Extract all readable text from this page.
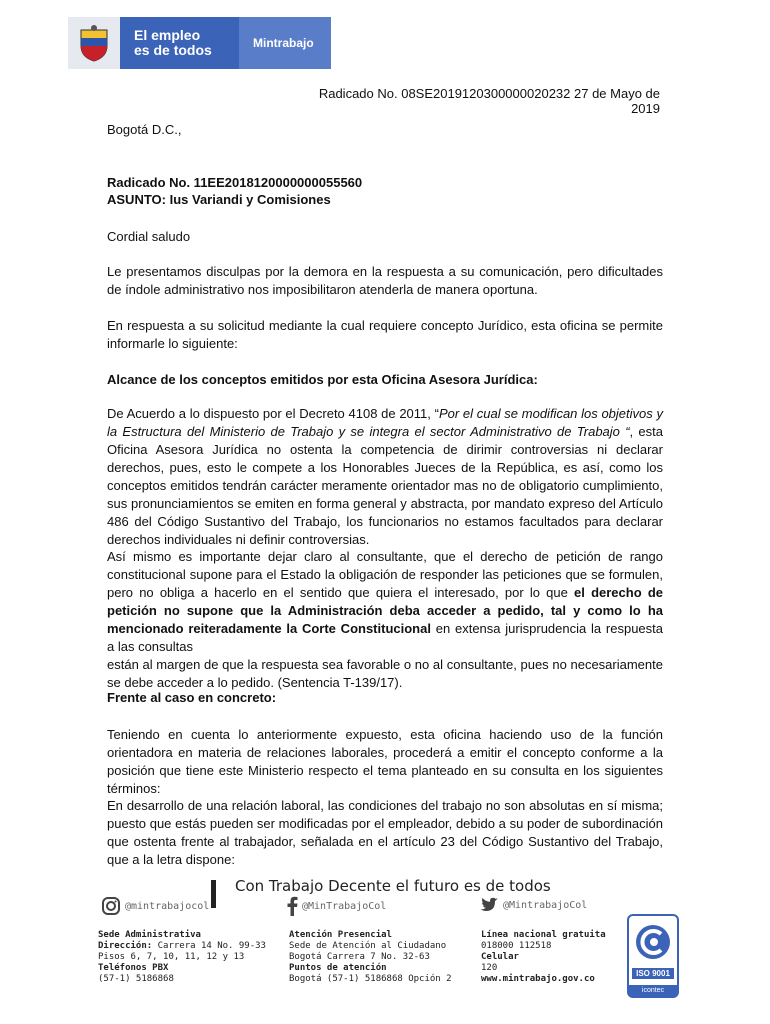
El empleo
es de todos	Mintrabajo
Radicado No. 08SE2019120300000020232 27 de Mayo de 2019
Bogotá D.C.,
Radicado No. 11EE2018120000000055560
ASUNTO: Ius Variandi y Comisiones
Cordial saludo
Le presentamos disculpas por la demora en la respuesta a su comunicación, pero dificultades de índole administrativo nos imposibilitaron atenderla de manera oportuna.
En respuesta a su solicitud mediante la cual requiere concepto Jurídico, esta oficina se permite informarle lo siguiente:
Alcance de los conceptos emitidos por esta Oficina Asesora Jurídica:
De Acuerdo a lo dispuesto por el Decreto 4108 de 2011, “Por el cual se modifican los objetivos y la Estructura del Ministerio de Trabajo y se integra el sector Administrativo de Trabajo “, esta Oficina Asesora Jurídica no ostenta la competencia de dirimir controversias ni declarar derechos, pues, esto le compete a los Honorables Jueces de la República, es así, como los conceptos emitidos tendrán carácter meramente orientador mas no de obligatorio cumplimiento, sus pronunciamientos se emiten en forma general y abstracta, por mandato expreso del Artículo 486 del Código Sustantivo del Trabajo, los funcionarios no estamos facultados para declarar derechos individuales ni definir controversias.
Así mismo es importante dejar claro al consultante, que el derecho de petición de rango constitucional supone para el Estado la obligación de responder las peticiones que se formulen, pero no obliga a hacerlo en el sentido que quiera el interesado, por lo que el derecho de petición no supone que la Administración deba acceder a pedido, tal y como lo ha mencionado reiteradamente la Corte Constitucional en extensa jurisprudencia la respuesta a las consultas
están al margen de que la respuesta sea favorable o no al consultante, pues no necesariamente se debe acceder a lo pedido. (Sentencia T-139/17).
Frente al caso en concreto:
Teniendo en cuenta lo anteriormente expuesto, esta oficina haciendo uso de la función orientadora en materia de relaciones laborales, procederá a emitir el concepto conforme a la posición que tiene este Ministerio respecto el tema planteado en su consulta en los siguientes términos:
En desarrollo de una relación laboral, las condiciones del trabajo no son absolutas en sí misma; puesto que estás pueden ser modificadas por el empleador, debido a su poder de subordinación que ostenta frente al trabajador, señalada en el artículo 23 del Código Sustantivo del Trabajo, que a la letra dispone:
Con Trabajo Decente el futuro es de todos
@mintrabajocol	@MinTrabajoCol	@MintrabajoCol
Sede Administrativa
Dirección: Carrera 14 No. 99-33
Pisos 6, 7, 10, 11, 12 y 13
Teléfonos PBX
(57-1) 5186868
Atención Presencial
Sede de Atención al Ciudadano
Bogotá Carrera 7 No. 32-63
Puntos de atención
Bogotá (57-1) 5186868 Opción 2
Línea nacional gratuita
018000 112518
Celular
120
www.mintrabajo.gov.co
ISO 9001
icontec
